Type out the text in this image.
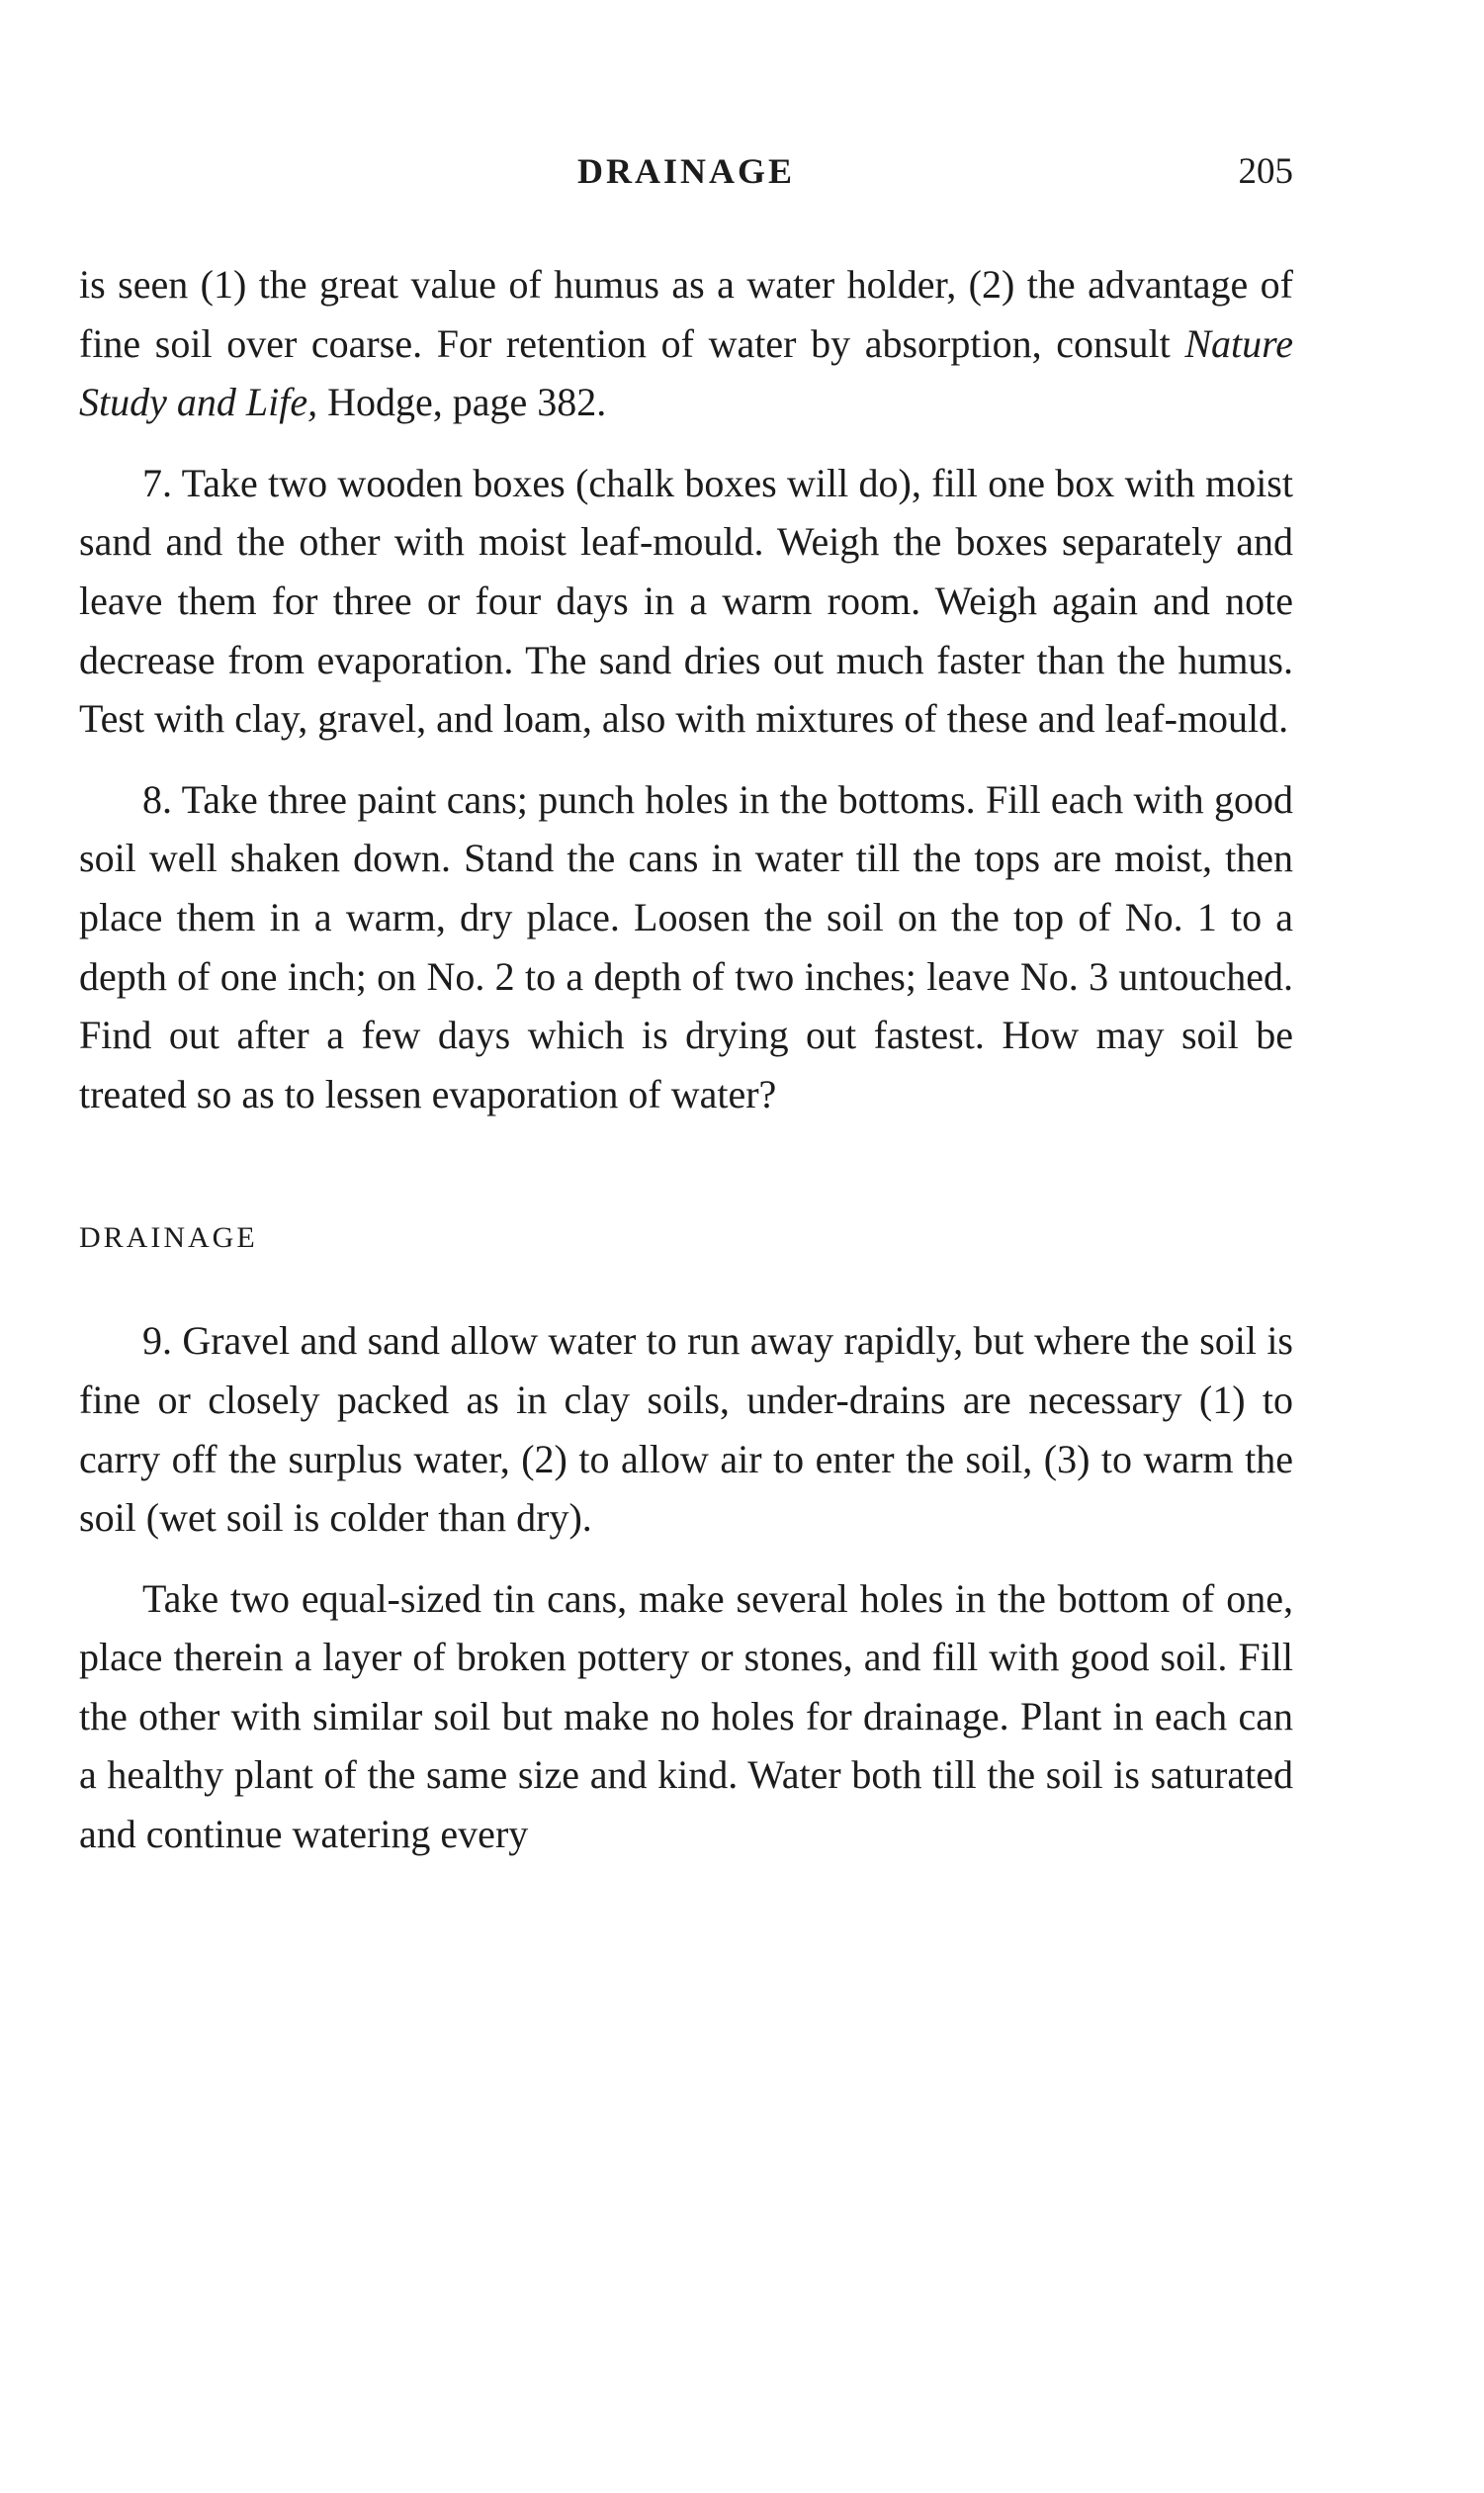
DRAINAGE	205

is seen (1) the great value of humus as a water holder, (2) the advantage of fine soil over coarse. For retention of water by absorption, consult Nature Study and Life, Hodge, page 382.

7. Take two wooden boxes (chalk boxes will do), fill one box with moist sand and the other with moist leaf-mould. Weigh the boxes separately and leave them for three or four days in a warm room. Weigh again and note decrease from evaporation. The sand dries out much faster than the humus. Test with clay, gravel, and loam, also with mixtures of these and leaf-mould.

8. Take three paint cans; punch holes in the bottoms. Fill each with good soil well shaken down. Stand the cans in water till the tops are moist, then place them in a warm, dry place. Loosen the soil on the top of No. 1 to a depth of one inch; on No. 2 to a depth of two inches; leave No. 3 untouched. Find out after a few days which is drying out fastest. How may soil be treated so as to lessen evaporation of water?

DRAINAGE

9. Gravel and sand allow water to run away rapidly, but where the soil is fine or closely packed as in clay soils, under-drains are necessary (1) to carry off the surplus water, (2) to allow air to enter the soil, (3) to warm the soil (wet soil is colder than dry).

Take two equal-sized tin cans, make several holes in the bottom of one, place therein a layer of broken pottery or stones, and fill with good soil. Fill the other with similar soil but make no holes for drainage. Plant in each can a healthy plant of the same size and kind. Water both till the soil is saturated and continue watering every
